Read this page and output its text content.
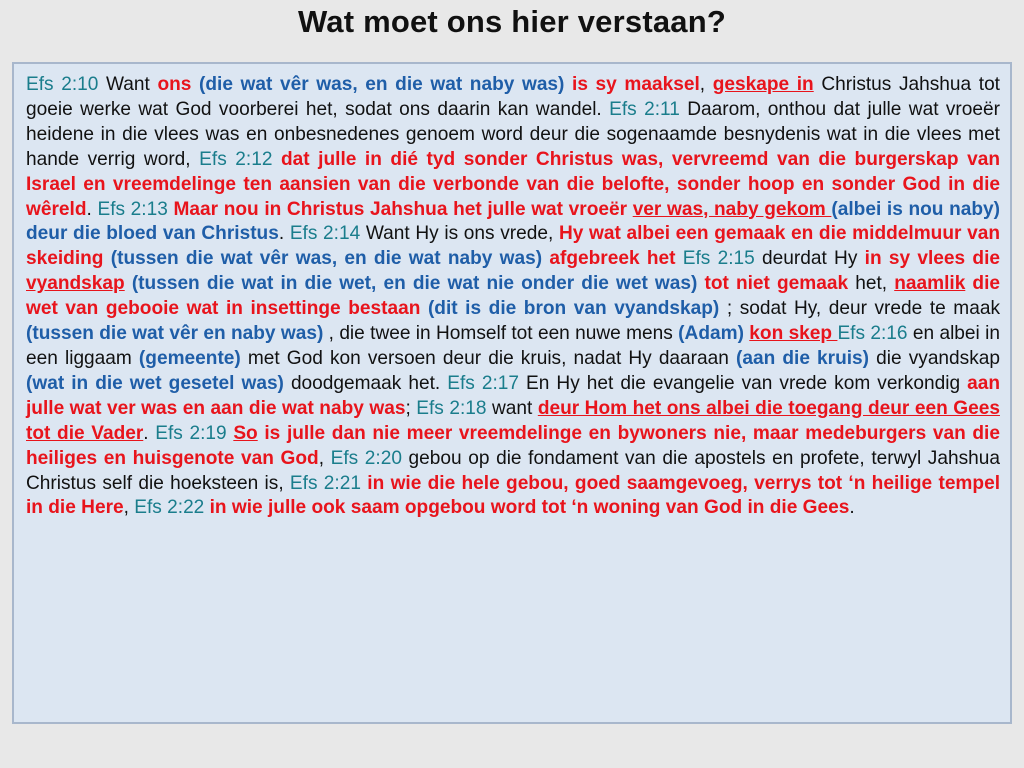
Wat moet ons hier verstaan?

Efs 2:10 Want ons (die wat vêr was, en die wat naby was) is sy maaksel, geskape in Christus Jahshua tot goeie werke wat God voorberei het, sodat ons daarin kan wandel. Efs 2:11 Daarom, onthou dat julle wat vroeër heidene in die vlees was en onbesnedenes genoem word deur die sogenaamde besnydenis wat in die vlees met hande verrig word, Efs 2:12 dat julle in dié tyd sonder Christus was, vervreemd van die burgerskap van Israel en vreemdelinge ten aansien van die verbonde van die belofte, sonder hoop en sonder God in die wêreld. Efs 2:13 Maar nou in Christus Jahshua het julle wat vroeër ver was, naby gekom (albei is nou naby) deur die bloed van Christus. Efs 2:14 Want Hy is ons vrede, Hy wat albei een gemaak en die middelmuur van skeiding (tussen die wat vêr was, en die wat naby was) afgebreek het Efs 2:15 deurdat Hy in sy vlees die vyandskap (tussen die wat in die wet, en die wat nie onder die wet was) tot niet gemaak het, naamlik die wet van gebooie wat in insettinge bestaan (dit is die bron van vyandskap) ; sodat Hy, deur vrede te maak (tussen die wat vêr en naby was) , die twee in Homself tot een nuwe mens (Adam) kon skep Efs 2:16 en albei in een liggaam (gemeente) met God kon versoen deur die kruis, nadat Hy daaraan (aan die kruis) die vyandskap (wat in die wet gesetel was) doodgemaak het. Efs 2:17 En Hy het die evangelie van vrede kom verkondig aan julle wat ver was en aan die wat naby was; Efs 2:18 want deur Hom het ons albei die toegang deur een Gees tot die Vader. Efs 2:19 So is julle dan nie meer vreemdelinge en bywoners nie, maar medeburgers van die heiliges en huisgenote van God, Efs 2:20 gebou op die fondament van die apostels en profete, terwyl Jahshua Christus self die hoeksteen is, Efs 2:21 in wie die hele gebou, goed saamgevoeg, verrys tot ‘n heilige tempel in die Here, Efs 2:22 in wie julle ook saam opgebou word tot ‘n woning van God in die Gees.
